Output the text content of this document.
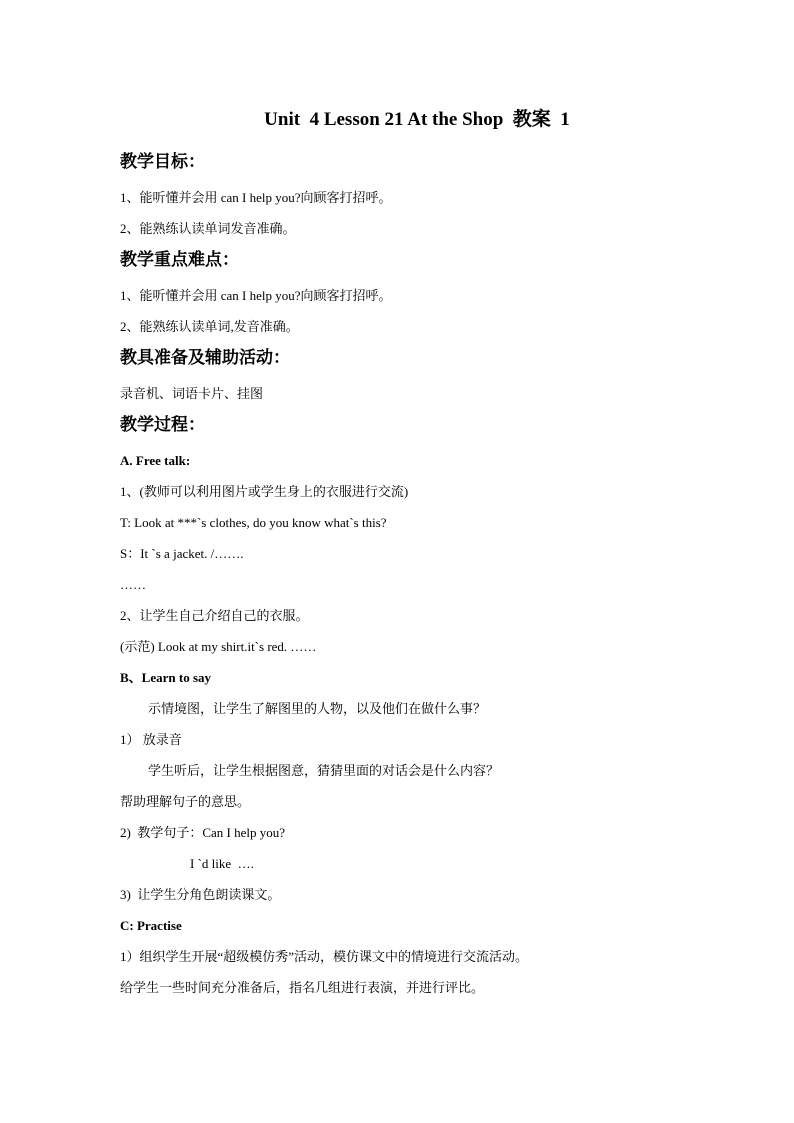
Unit  4 Lesson 21 At the Shop  教案  1
教学目标：
1、能听懂并会用 can I help you?向顾客打招呼。
2、能熟练认读单词发音准确。
教学重点难点：
1、能听懂并会用 can I help you?向顾客打招呼。
2、能熟练认读单词,发音准确。
教具准备及辅助活动：
录音机、词语卡片、挂图
教学过程：
A. Free talk:
1、(教师可以利用图片或学生身上的衣服进行交流)
T: Look at ***`s clothes, do you know what`s this?
S：It `s a jacket. /…….
……
2、让学生自己介绍自己的衣服。
(示范) Look at my shirt.it`s red. ……
B、Learn to say
示情境图，让学生了解图里的人物，以及他们在做什么事？
1） 放录音
学生听后，让学生根据图意，猜猜里面的对话会是什么内容？
帮助理解句子的意思。
2)  教学句子：Can I help you?
I `d like  ….
3)  让学生分角色朗读课文。
C: Practise
1）组织学生开展“超级模仿秀”活动，模仿课文中的情境进行交流活动。
给学生一些时间充分准备后，指名几组进行表演，并进行评比。
